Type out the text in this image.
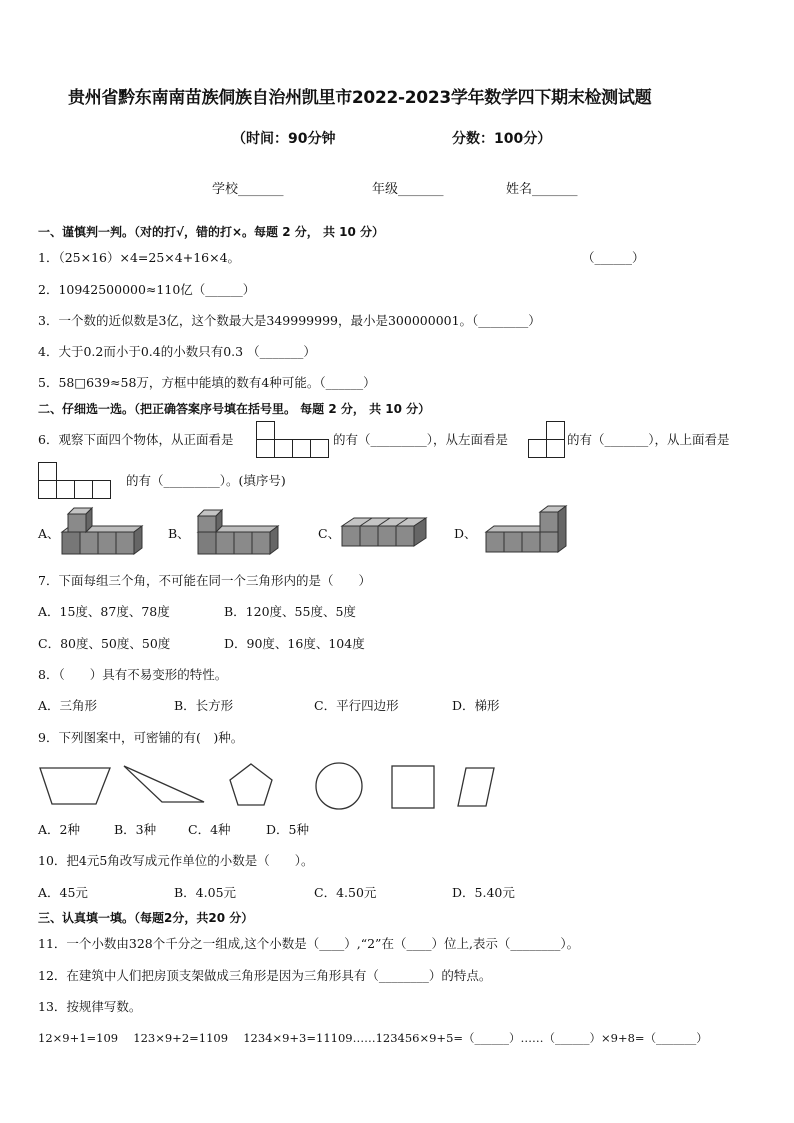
贵州省黔东南南苗族侗族自治州凯里市2022-2023学年数学四下期末检测试题
（时间：90分钟	分数：100分）
学校_______	年级_______	姓名_______
一、谨慎判一判。（对的打√，错的打×。每题 2 分， 共 10 分）
1．（25×16）×4=25×4+16×4。	（______）
2．10942500000≈110亿（______）
3．一个数的近似数是3亿，这个数最大是349999999，最小是300000001。（________）
4．大于0.2而小于0.4的小数只有0.3 （_______）
5．58□639≈58万，方框中能填的数有4种可能。（______）
二、仔细选一选。（把正确答案序号填在括号里。 每题 2 分， 共 10 分）
6．观察下面四个物体，从正面看是

				的有（_________），从左面看是

		的有（_______），从上面看是

的有（_________）。(填序号)
A、	B、	C、	D、
7．下面每组三个角，不可能在同一个三角形内的是（　　）
A．15度、87度、78度	B．120度、55度、5度
C．80度、50度、50度	D．90度、16度、104度
8．（　　）具有不易变形的特性。
A．三角形	B．长方形	C．平行四边形	D．梯形
9．下列图案中，可密铺的有(　)种。
A．2种	B．3种	C．4种	D．5种
10．把4元5角改写成元作单位的小数是（　　）。
A．45元	B．4.05元	C．4.50元	D．5.40元
三、认真填一填。（每题2分，共20 分）
11．一个小数由328个千分之一组成,这个小数是（____）,“2”在（____）位上,表示（________）。
12．在建筑中人们把房顶支架做成三角形是因为三角形具有（________）的特点。
13．按规律写数。
12×9+1=109　 123×9+2=1109　 1234×9+3=11109……123456×9+5=（______）……（______）×9+8=（_______）
